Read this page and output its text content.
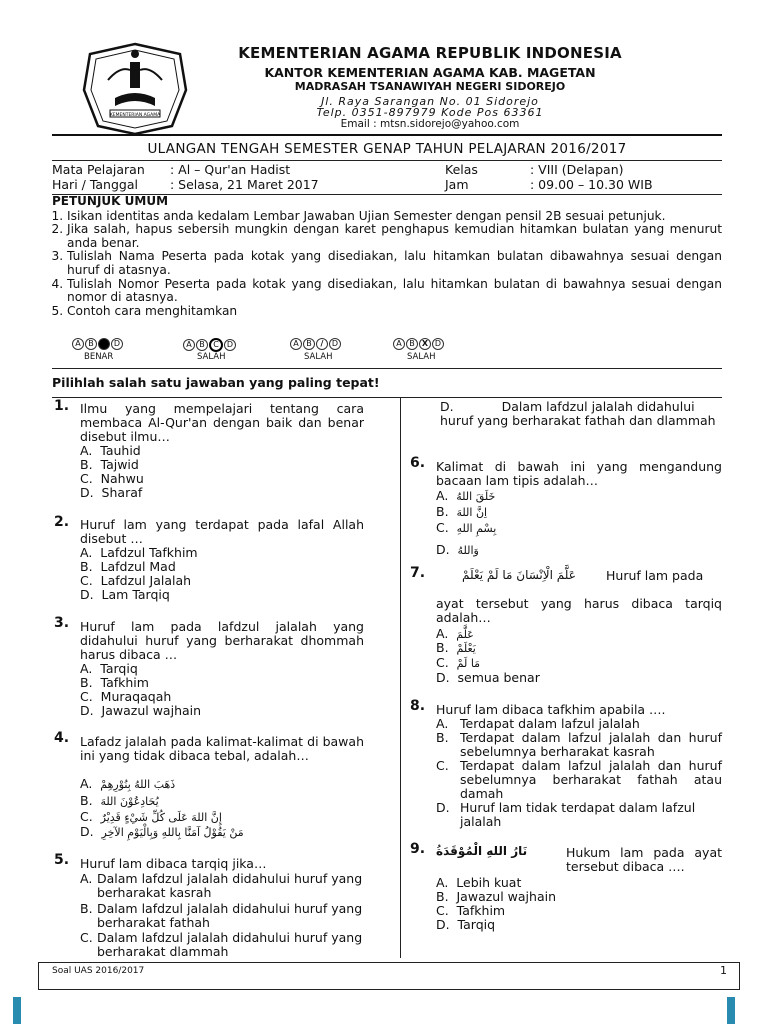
KEMENTERIAN AGAMA
KEMENTERIAN AGAMA REPUBLIK INDONESIA
KANTOR KEMENTERIAN AGAMA KAB. MAGETAN
MADRASAH TSANAWIYAH NEGERI SIDOREJO
Jl. Raya Sarangan No. 01 Sidorejo
Telp. 0351-897979 Kode Pos 63361
Email : mtsn.sidorejo@yahoo.com
ULANGAN TENGAH SEMESTER GENAP TAHUN PELAJARAN 2016/2017
Mata Pelajaran : Al – Qur'an Hadist
Hari / Tanggal	: Selasa, 21 Maret 2017
Kelas	: VIII (Delapan)
Jam	: 09.00 – 10.30 WIB
PETUNJUK UMUM
1. Isikan identitas anda kedalam Lembar Jawaban Ujian Semester dengan pensil 2B sesuai petunjuk.
2. Jika salah, hapus sebersih mungkin dengan karet penghapus kemudian hitamkan bulatan yang menurut anda benar.
3. Tulislah Nama Peserta pada kotak yang disediakan, lalu hitamkan bulatan dibawahnya sesuai dengan huruf di atasnya.
4. Tulislah Nomor Peserta pada kotak yang disediakan, lalu hitamkan bulatan di bawahnya sesuai dengan nomor di atasnya.
5. Contoh cara menghitamkan
A B C D
BENAR
A B C D
SALAH
A B / D
SALAH
A B X D
SALAH
Pilihlah salah satu jawaban yang paling tepat!
1. Ilmu yang mempelajari tentang cara membaca Al-Qur'an dengan baik dan benar disebut ilmu…
A.  Tauhid
B.  Tajwid
C.  Nahwu
D.  Sharaf
2. Huruf lam yang terdapat pada lafal Allah disebut …
A.  Lafdzul Tafkhim
B.  Lafdzul Mad
C.  Lafdzul Jalalah
D.  Lam Tarqiq
3. Huruf lam pada lafdzul jalalah yang didahului huruf yang berharakat dhommah harus dibaca …
A.  Tarqiq
B.  Tafkhim
C.  Muraqaqah
D.  Jawazul wajhain
4. Lafadz jalalah pada kalimat-kalimat di bawah ini yang tidak dibaca tebal, adalah…
A.  ذَهَبَ اللهُ بِنُوْرِهِمْ
B.  يُحَادِعُوْنَ اللهَ
C.  إِنَّ اللهَ عَلَى كُلِّ شَيْءٍ قَدِيْرٌ
D.  مَنْ يَقُوْلُ آمَنَّا بِاللهِ وَبِالْيَوْمِ الآخِرِ
5. Huruf lam dibaca tarqiq jika…
A. Dalam lafdzul jalalah didahului huruf yang berharakat kasrah
B. Dalam lafdzul jalalah didahului huruf yang berharakat fathah
C. Dalam lafdzul jalalah didahului huruf yang berharakat dlammah
D.	Dalam lafdzul jalalah didahului huruf yang berharakat fathah dan dlammah
6. Kalimat di bawah ini yang mengandung bacaan lam tipis adalah…
A.  خَلَقَ اللهُ
B.  اِنَّ اللهَ
C.  بِسْمِ اللهِ
D.  وَاللهُ
7.	عَلَّمَ الْاِنْسَانَ مَا لَمْ يَعْلَمْ Huruf lam pada
ayat tersebut yang harus dibaca tarqiq adalah…
A.  عَلَّمَ
B.  يَعْلَمْ
C.  مَا لَمْ
D.  semua benar
8. Huruf lam dibaca tafkhim apabila ….
A. Terdapat dalam lafzul jalalah
B. Terdapat dalam lafzul jalalah dan huruf sebelumnya berharakat kasrah
C. Terdapat dalam lafzul jalalah dan huruf sebelumnya berharakat fathah atau damah
D. Huruf lam tidak terdapat dalam lafzul jalalah
9. نَارُ اللهِ الْمُوْقَدَةُ	Hukum lam pada ayat tersebut dibaca ….
A.  Lebih kuat
B.  Jawazul wajhain
C.  Tafkhim
D.  Tarqiq
Soal UAS 2016/2017	1
